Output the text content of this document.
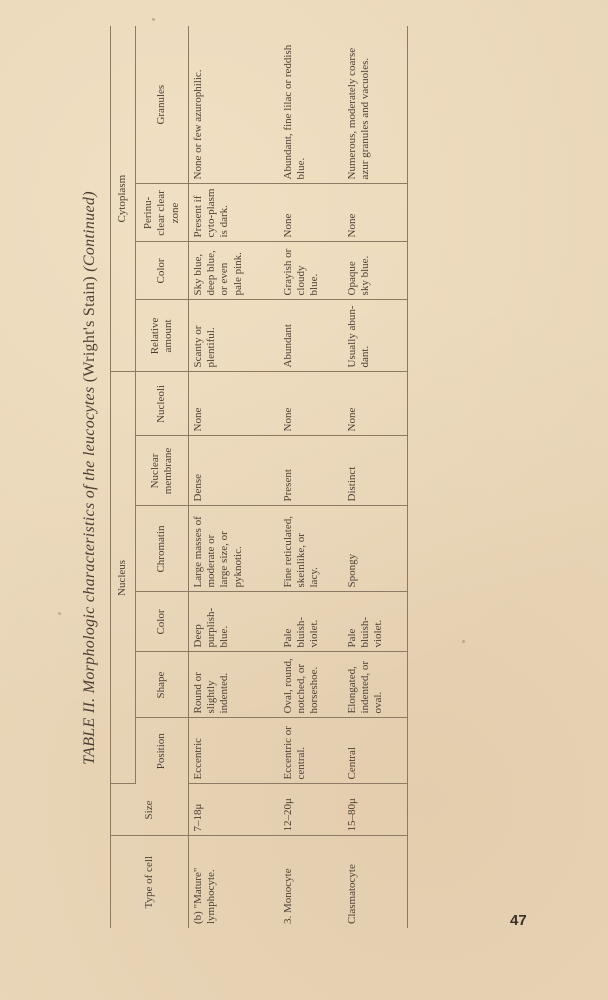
TABLE II. Morphologic characteristics of the leucocytes (Wright's Stain) (Continued)
Type of cell	Size	Nucleus						Cytoplasm			
		Position	Shape	Color	Chromatin	Nuclear membrane	Nucleoli	Relative amount	Color	Perinu-clear clear zone	Granules
(b) "Mature" lymphocyte.	7–18μ	Eccentric	Round or slightly indented.	Deep purplish-blue.	Large masses of moderate or large size, or pyknotic.	Dense	None	Scanty or plentiful.	Sky blue, deep blue, or even pale pink.	Present if cyto-plasm is dark.	None or few azurophilic.
3. Monocyte	12–20μ	Eccentric or central.	Oval, round, notched, or horseshoe.	Pale bluish-violet.	Fine reticulated, skeinlike, or lacy.	Present	None	Abundant	Grayish or cloudy blue.	None	Abundant, fine lilac or reddish blue.
Clasmatocyte	15–80μ	Central	Elongated, indented, or oval.	Pale bluish-violet.	Spongy	Distinct	None	Usually abun-dant.	Opaque sky blue.	None	Numerous, moderately coarse azur granules and vacuoles.
47
